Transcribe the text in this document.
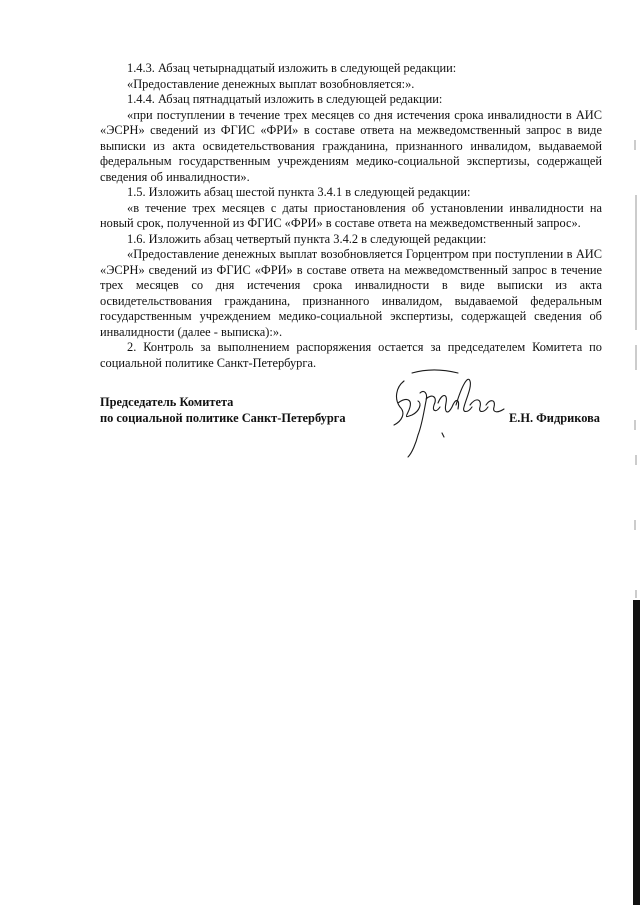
1.4.3. Абзац четырнадцатый изложить в следующей редакции:

«Предоставление денежных выплат возобновляется:».

1.4.4. Абзац пятнадцатый изложить в следующей редакции:

«при поступлении в течение трех месяцев со дня истечения срока инвалидности в АИС «ЭСРН» сведений из ФГИС «ФРИ» в составе ответа на межведомственный запрос в виде выписки из акта освидетельствования гражданина, признанного инвалидом, выдаваемой федеральным государственным учреждениям медико-социальной экспертизы, содержащей сведения об инвалидности».

1.5. Изложить абзац шестой пункта 3.4.1 в следующей редакции:

«в течение трех месяцев с даты приостановления об установлении инвалидности на новый срок, полученной из ФГИС «ФРИ» в составе ответа на межведомственный запрос».

1.6. Изложить абзац четвертый пункта 3.4.2 в следующей редакции:

«Предоставление денежных выплат возобновляется Горцентром при поступлении в АИС «ЭСРН» сведений из ФГИС «ФРИ» в составе ответа на межведомственный запрос в течение трех месяцев со дня истечения срока инвалидности в виде выписки из акта освидетельствования гражданина, признанного инвалидом, выдаваемой федеральным государственным учреждением медико-социальной экспертизы, содержащей сведения об инвалидности (далее - выписка):».

2. Контроль за выполнением распоряжения остается за председателем Комитета по социальной политике Санкт-Петербурга.

Председатель Комитета
по социальной политике Санкт-Петербурга	Е.Н. Фидрикова
